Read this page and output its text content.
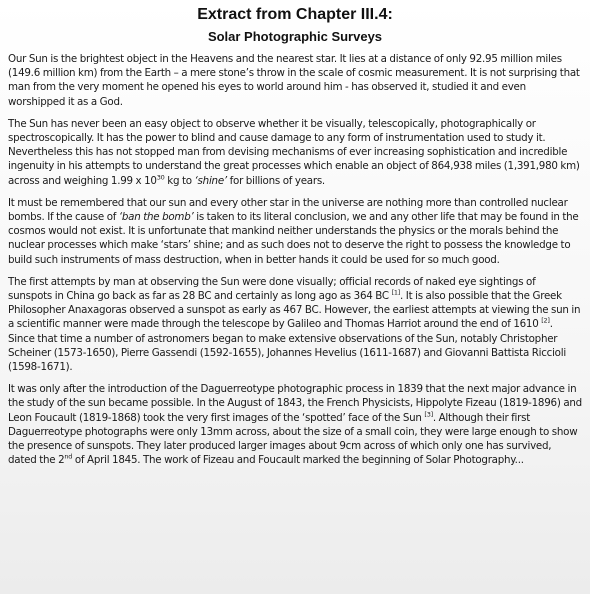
Extract from Chapter III.4:
Solar Photographic Surveys

Our Sun is the brightest object in the Heavens and the nearest star. It lies at a distance of only 92.95 million miles (149.6 million km) from the Earth – a mere stone’s throw in the scale of cosmic measurement. It is not surprising that man from the very moment he opened his eyes to world around him - has observed it, studied it and even worshipped it as a God.

The Sun has never been an easy object to observe whether it be visually, telescopically, photographically or spectroscopically. It has the power to blind and cause damage to any form of instrumentation used to study it. Nevertheless this has not stopped man from devising mechanisms of ever increasing sophistication and incredible ingenuity in his attempts to understand the great processes which enable an object of 864,938 miles (1,391,980 km) across and weighing 1.99 x $10^{30}$ kg to ‘shine’ for billions of years.

It must be remembered that our sun and every other star in the universe are nothing more than controlled nuclear bombs. If the cause of ‘ban the bomb’ is taken to its literal conclusion, we and any other life that may be found in the cosmos would not exist. It is unfortunate that mankind neither understands the physics or the morals behind the nuclear processes which make ‘stars’ shine; and as such does not to deserve the right to possess the knowledge to build such instruments of mass destruction, when in better hands it could be used for so much good.

The first attempts by man at observing the Sun were done visually; official records of naked eye sightings of sunspots in China go back as far as 28 BC and certainly as long ago as 364 BC [1]. It is also possible that the Greek Philosopher Anaxagoras observed a sunspot as early as 467 BC. However, the earliest attempts at viewing the sun in a scientific manner were made through the telescope by Galileo and Thomas Harriot around the end of 1610 [2]. Since that time a number of astronomers began to make extensive observations of the Sun, notably Christopher Scheiner (1573-1650), Pierre Gassendi (1592-1655), Johannes Hevelius (1611-1687) and Giovanni Battista Riccioli (1598-1671).

It was only after the introduction of the Daguerreotype photographic process in 1839 that the next major advance in the study of the sun became possible. In the August of 1843, the French Physicists, Hippolyte Fizeau (1819-1896) and Leon Foucault (1819-1868) took the very first images of the ‘spotted’ face of the Sun [3]. Although their first Daguerreotype photographs were only 13mm across, about the size of a small coin, they were large enough to show the presence of sunspots. They later produced larger images about 9cm across of which only one has survived, dated the 2nd of April 1845. The work of Fizeau and Foucault marked the beginning of Solar Photography...
